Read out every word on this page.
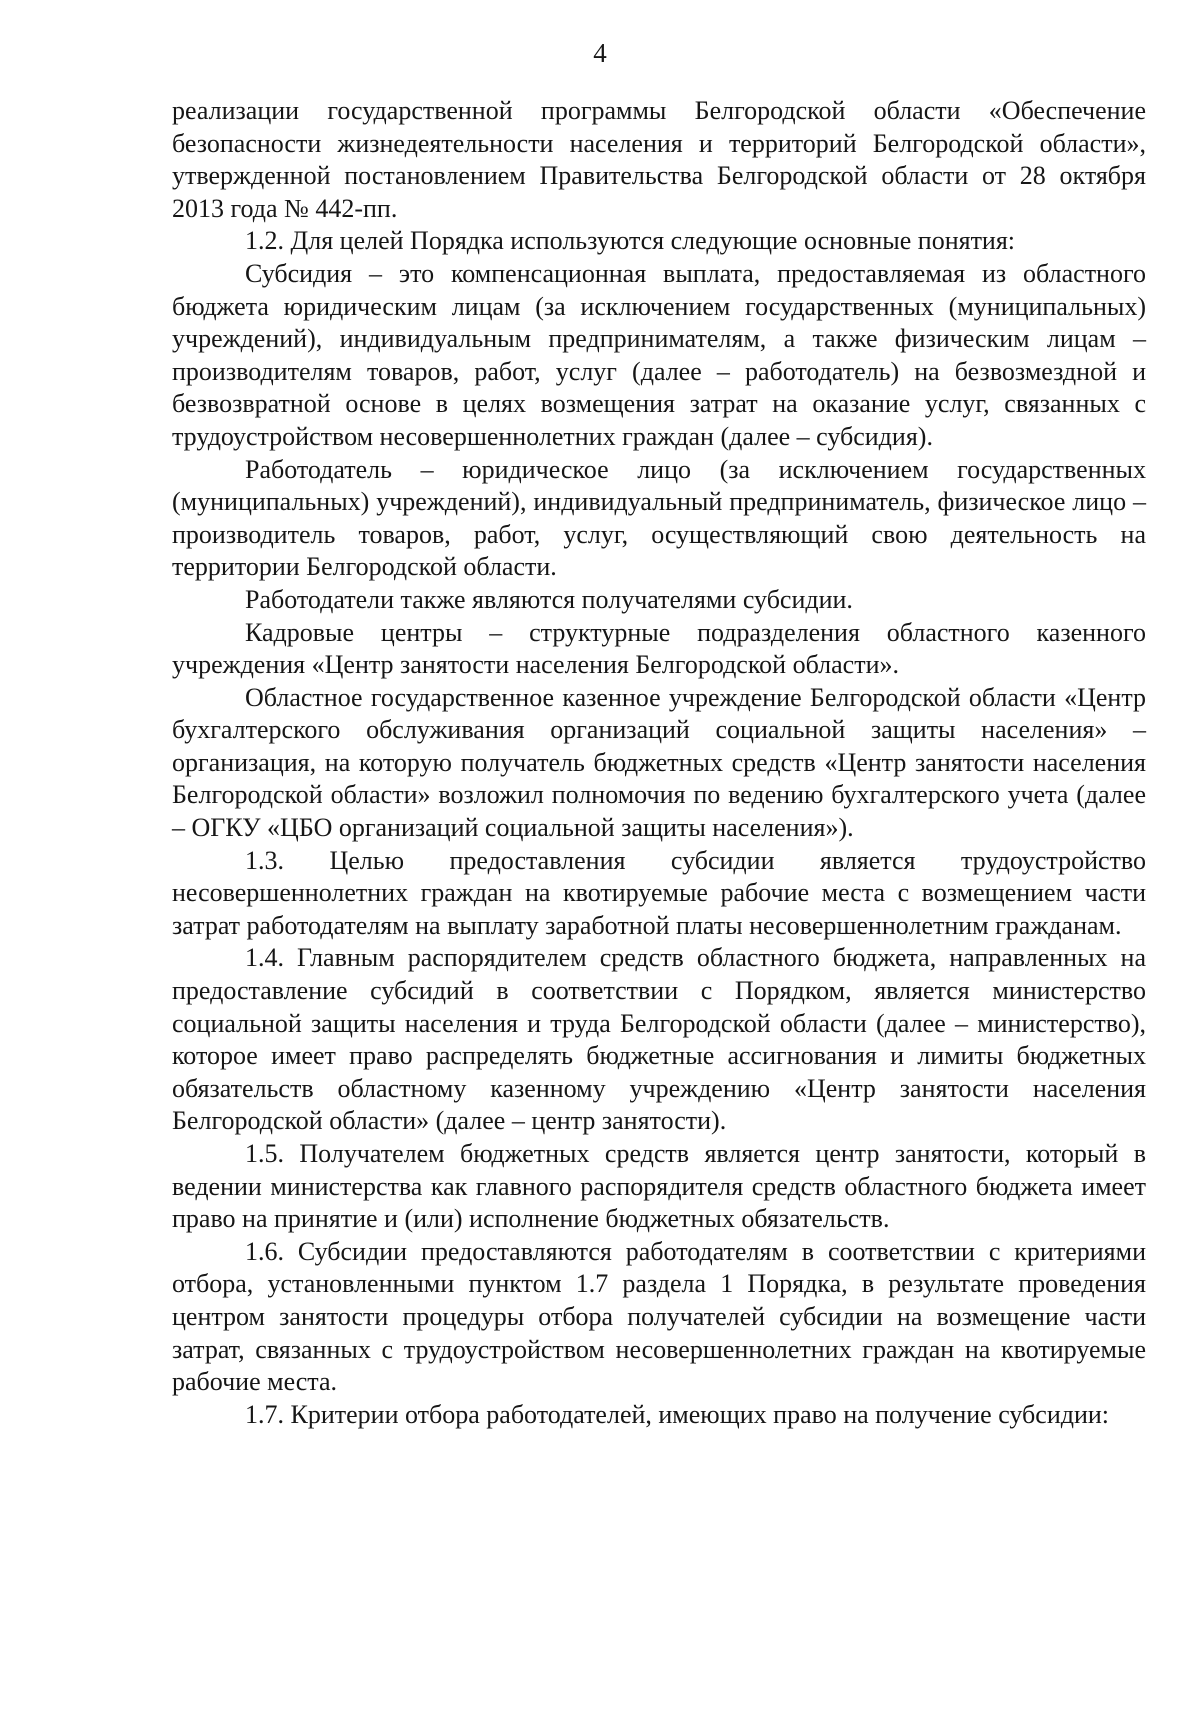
4

реализации государственной программы Белгородской области «Обеспечение безопасности жизнедеятельности населения и территорий Белгородской области», утвержденной постановлением Правительства Белгородской области от 28 октября 2013 года № 442-пп.

1.2. Для целей Порядка используются следующие основные понятия:

Субсидия – это компенсационная выплата, предоставляемая из областного бюджета юридическим лицам (за исключением государственных (муниципальных) учреждений), индивидуальным предпринимателям, а также физическим лицам – производителям товаров, работ, услуг (далее – работодатель) на безвозмездной и безвозвратной основе в целях возмещения затрат на оказание услуг, связанных с трудоустройством несовершеннолетних граждан (далее – субсидия).

Работодатель – юридическое лицо (за исключением государственных (муниципальных) учреждений), индивидуальный предприниматель, физическое лицо – производитель товаров, работ, услуг, осуществляющий свою деятельность на территории Белгородской области.

Работодатели также являются получателями субсидии.

Кадровые центры – структурные подразделения областного казенного учреждения «Центр занятости населения Белгородской области».

Областное государственное казенное учреждение Белгородской области «Центр бухгалтерского обслуживания организаций социальной защиты населения» – организация, на которую получатель бюджетных средств «Центр занятости населения Белгородской области» возложил полномочия по ведению бухгалтерского учета (далее – ОГКУ «ЦБО организаций социальной защиты населения»).

1.3. Целью предоставления субсидии является трудоустройство несовершеннолетних граждан на квотируемые рабочие места с возмещением части затрат работодателям на выплату заработной платы несовершеннолетним гражданам.

1.4. Главным распорядителем средств областного бюджета, направленных на предоставление субсидий в соответствии с Порядком, является министерство социальной защиты населения и труда Белгородской области (далее – министерство), которое имеет право распределять бюджетные ассигнования и лимиты бюджетных обязательств областному казенному учреждению «Центр занятости населения Белгородской области» (далее – центр занятости).

1.5. Получателем бюджетных средств является центр занятости, который в ведении министерства как главного распорядителя средств областного бюджета имеет право на принятие и (или) исполнение бюджетных обязательств.

1.6. Субсидии предоставляются работодателям в соответствии с критериями отбора, установленными пунктом 1.7 раздела 1 Порядка, в результате проведения центром занятости процедуры отбора получателей субсидии на возмещение части затрат, связанных с трудоустройством несовершеннолетних граждан на квотируемые рабочие места.

1.7. Критерии отбора работодателей, имеющих право на получение субсидии:
